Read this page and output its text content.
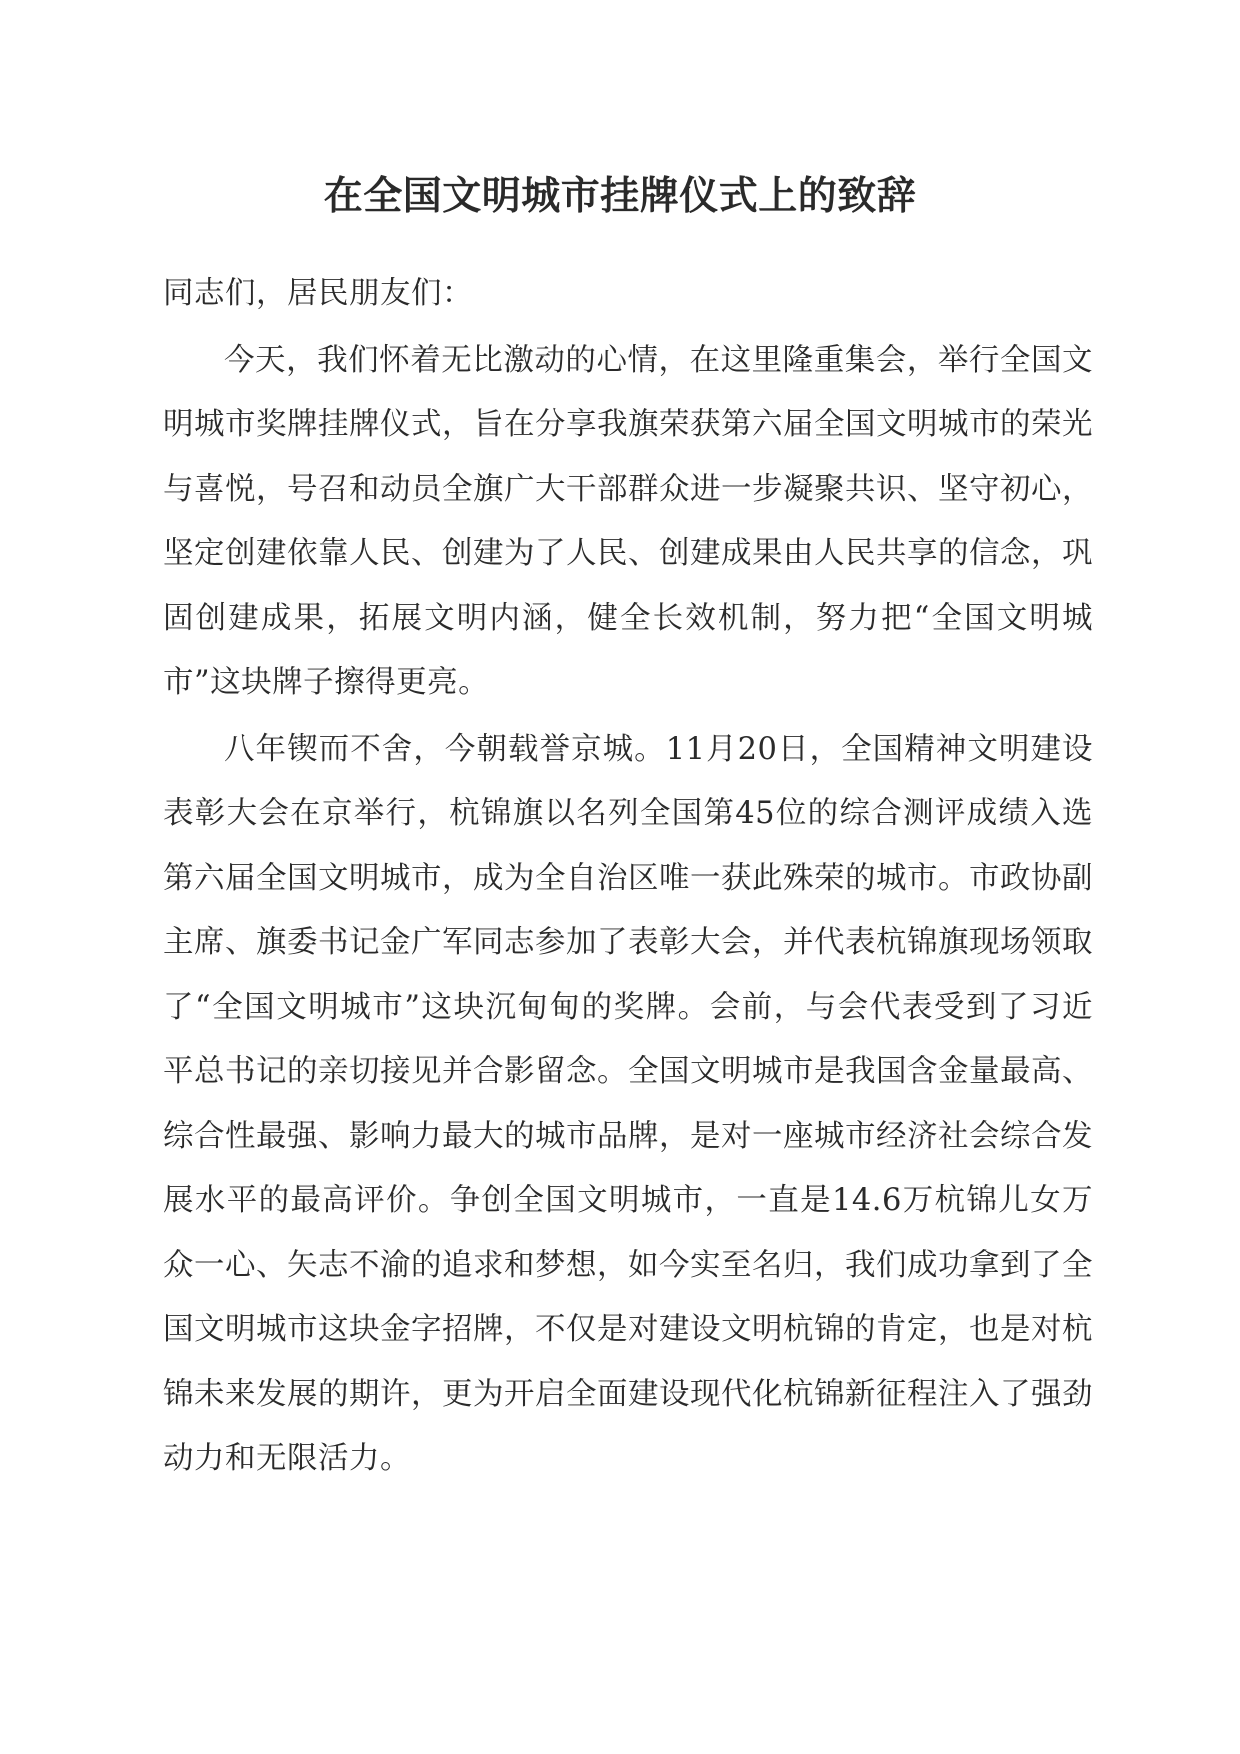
在全国文明城市挂牌仪式上的致辞

同志们，居民朋友们：

今天，我们怀着无比激动的心情，在这里隆重集会，举行全国文明城市奖牌挂牌仪式，旨在分享我旗荣获第六届全国文明城市的荣光与喜悦，号召和动员全旗广大干部群众进一步凝聚共识、坚守初心，坚定创建依靠人民、创建为了人民、创建成果由人民共享的信念，巩固创建成果，拓展文明内涵，健全长效机制，努力把“全国文明城市”这块牌子擦得更亮。

八年锲而不舍，今朝载誉京城。11月20日，全国精神文明建设表彰大会在京举行，杭锦旗以名列全国第45位的综合测评成绩入选第六届全国文明城市，成为全自治区唯一获此殊荣的城市。市政协副主席、旗委书记金广军同志参加了表彰大会，并代表杭锦旗现场领取了“全国文明城市”这块沉甸甸的奖牌。会前，与会代表受到了习近平总书记的亲切接见并合影留念。全国文明城市是我国含金量最高、综合性最强、影响力最大的城市品牌，是对一座城市经济社会综合发展水平的最高评价。争创全国文明城市，一直是14.6万杭锦儿女万众一心、矢志不渝的追求和梦想，如今实至名归，我们成功拿到了全国文明城市这块金字招牌，不仅是对建设文明杭锦的肯定，也是对杭锦未来发展的期许，更为开启全面建设现代化杭锦新征程注入了强劲动力和无限活力。
